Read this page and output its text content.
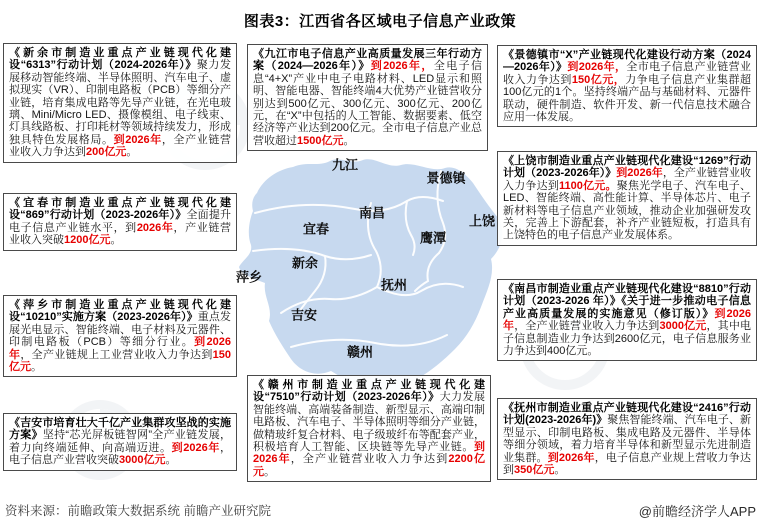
图表3：江西省各区域电子信息产业政策
九江
景德镇
南昌
宜春
上饶
鹰潭
新余
萍乡
抚州
吉安
赣州
《新余市制造业重点产业链现代化建设“6313”行动计划（2024-2026年）》聚力发展移动智能终端、半导体照明、汽车电子、虚拟现实（VR）、印制电路板（PCB）等细分产业链，培育集成电路等先导产业链，在光电玻璃、Mini/Micro LED、摄像模组、电子线束、灯具线路板、打印耗材等领域持续发力，形成独具特色发展格局。到2026年，全产业链营业收入力争达到200亿元。
《宜春市制造业重点产业链现代化建设“869”行动计划（2023-2026年）》全面提升电子信息产业链水平，到2026年，产业链营业收入突破1200亿元。
《萍乡市制造业重点产业链现代化建设“10210”实施方案（2023-2026年）》重点发展光电显示、智能终端、电子材料及元器件、印制电路板（PCB）等细分行业。到2026年，全产业链规上工业营业收入力争达到150亿元。
《吉安市培育壮大千亿产业集群攻坚战的实施方案》坚持“芯光屏板链智网”全产业链发展，着力向终端延伸、向高端迈进。到2026年，电子信息产业营收突破3000亿元。
《九江市电子信息产业高质量发展三年行动方案（2024—2026年）》到2026年，全电子信息“4+X”产业中电子电路材料、LED显示和照明、智能电器、智能终端4大优势产业链营收分别达到500亿元、300亿元、300亿元、200亿元，在“X”中包括的人工智能、数据要素、低空经济等产业达到200亿元。全市电子信息产业总营收超过1500亿元。
《赣州市制造业重点产业链现代化建设“7510”行动计划（2023-2026年）》大力发展智能终端、高端装备制造、新型显示、高端印制电路板、汽车电子、半导体照明等细分产业链，做精玻纤复合材料、电子级玻纤布等配套产业，积极培育人工智能、区块链等先导产业链。到2026年，全产业链营业收入力争达到2200亿元。
《景德镇市“X”产业链现代化建设行动方案（2024—2026年）》到2026年，全市电子信息产业链营业收入力争达到150亿元，力争电子信息产业集群超100亿元的1个。坚持终端产品与基础材料、元器件联动，硬件制造、软件开发、新一代信息技术融合应用一体发展。
《上饶市制造业重点产业链现代化建设“1269”行动计划（2023-2026年）》到2026年，全产业链营业收入力争达到1100亿元。聚焦光学电子、汽车电子、LED、智能终端、高性能计算、半导体芯片、电子新材料等电子信息产业领域，推动企业加强研发攻关，完善上下游配套，补齐产业链短板，打造具有上饶特色的电子信息产业发展体系。
《南昌市制造业重点产业链现代化建设“8810”行动计划（2023-2026 年）》《关于进一步推动电子信息产业高质量发展的实施意见（修订版）》到2026年，全产业链营业收入力争达到3000亿元，其中电子信息制造业力争达到2600亿元，电子信息服务业力争达到400亿元。
《抚州市制造业重点产业链现代化建设“2416”行动计划(2023-2026年)》聚焦智能终端、汽车电子、新型显示、印制电路板、集成电路及元器件、半导体等细分领域，着力培育半导体和新型显示先进制造业集群。到2026年，电子信息产业规上营收力争达到350亿元。
资料来源：前瞻政策大数据系统 前瞻产业研究院	@前瞻经济学人APP
